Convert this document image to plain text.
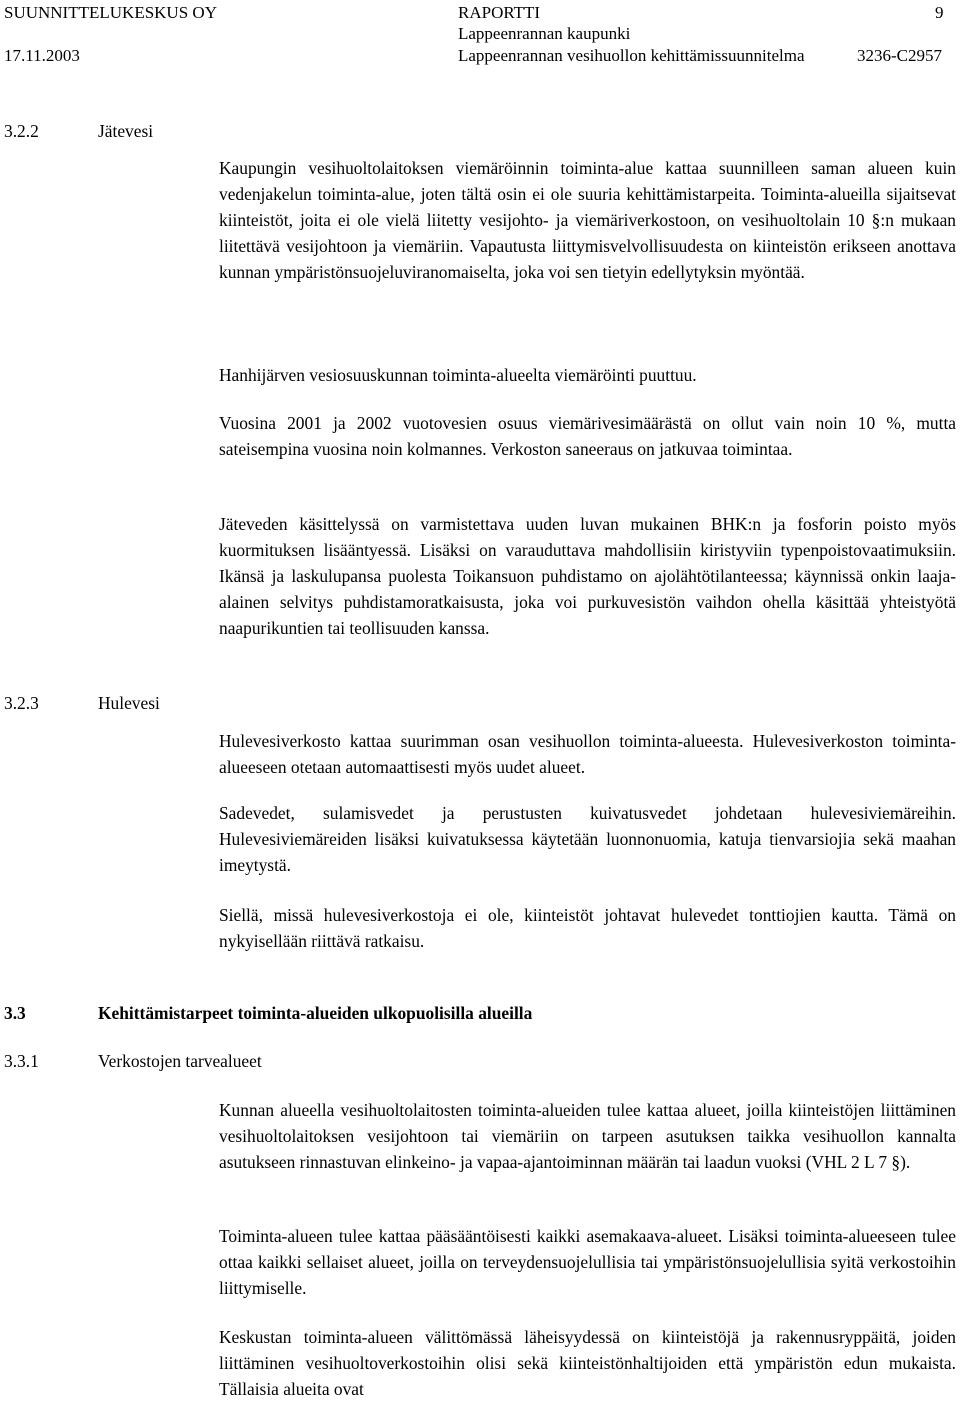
SUUNNITTELUKESKUS OY
17.11.2003
RAPORTTI	9
Lappeenrannan kaupunki
Lappeenrannan vesihuollon kehittämissuunnitelma	3236-C2957
3.2.2	Jätevesi

Kaupungin vesihuoltolaitoksen viemäröinnin toiminta-alue kattaa suunnilleen saman alueen kuin vedenjakelun toiminta-alue, joten tältä osin ei ole suuria kehittämistarpeita. Toiminta-alueilla sijaitsevat kiinteistöt, joita ei ole vielä liitetty vesijohto- ja viemäriverkostoon, on vesihuoltolain 10 §:n mukaan liitettävä vesijohtoon ja viemäriin. Vapautusta liittymisvelvollisuudesta on kiinteistön erikseen anottava kunnan ympäristönsuojeluviranomaiselta, joka voi sen tietyin edellytyksin myöntää.

Hanhijärven vesiosuuskunnan toiminta-alueelta viemäröinti puuttuu.

Vuosina 2001 ja 2002 vuotovesien osuus viemärivesimäärästä on ollut vain noin 10 %, mutta sateisempina vuosina noin kolmannes. Verkoston saneeraus on jatkuvaa toimintaa.

Jäteveden käsittelyssä on varmistettava uuden luvan mukainen BHK:n ja fosforin poisto myös kuormituksen lisääntyessä. Lisäksi on varauduttava mahdollisiin kiristyviin typenpoistovaatimuksiin. Ikänsä ja laskulupansa puolesta Toikansuon puhdistamo on ajolähtötilanteessa; käynnissä onkin laaja-alainen selvitys puhdistamoratkaisusta, joka voi purkuvesistön vaihdon ohella käsittää yhteistyötä naapurikuntien tai teollisuuden kanssa.

3.2.3	Hulevesi

Hulevesiverkosto kattaa suurimman osan vesihuollon toiminta-alueesta. Hulevesiverkoston toiminta-alueeseen otetaan automaattisesti myös uudet alueet.

Sadevedet, sulamisvedet ja perustusten kuivatusvedet johdetaan hulevesiviemäreihin. Hulevesiviemäreiden lisäksi kuivatuksessa käytetään luonnonuomia, katuja tienvarsiojia sekä maahan imeytystä.

Siellä, missä hulevesiverkostoja ei ole, kiinteistöt johtavat hulevedet tonttiojien kautta. Tämä on nykyisellään riittävä ratkaisu.

3.3	Kehittämistarpeet toiminta-alueiden ulkopuolisilla alueilla
3.3.1	Verkostojen tarvealueet

Kunnan alueella vesihuoltolaitosten toiminta-alueiden tulee kattaa alueet, joilla kiinteistöjen liittäminen vesihuoltolaitoksen vesijohtoon tai viemäriin on tarpeen asutuksen taikka vesihuollon kannalta asutukseen rinnastuvan elinkeino- ja vapaa-ajantoiminnan määrän tai laadun vuoksi (VHL 2 L 7 §).

Toiminta-alueen tulee kattaa pääsääntöisesti kaikki asemakaava-alueet. Lisäksi toiminta-alueeseen tulee ottaa kaikki sellaiset alueet, joilla on terveydensuojelullisia tai ympäristönsuojelullisia syitä verkostoihin liittymiselle.

Keskustan toiminta-alueen välittömässä läheisyydessä on kiinteistöjä ja rakennusryppäitä, joiden liittäminen vesihuoltoverkostoihin olisi sekä kiinteistönhaltijoiden että ympäristön edun mukaista. Tällaisia alueita ovat
